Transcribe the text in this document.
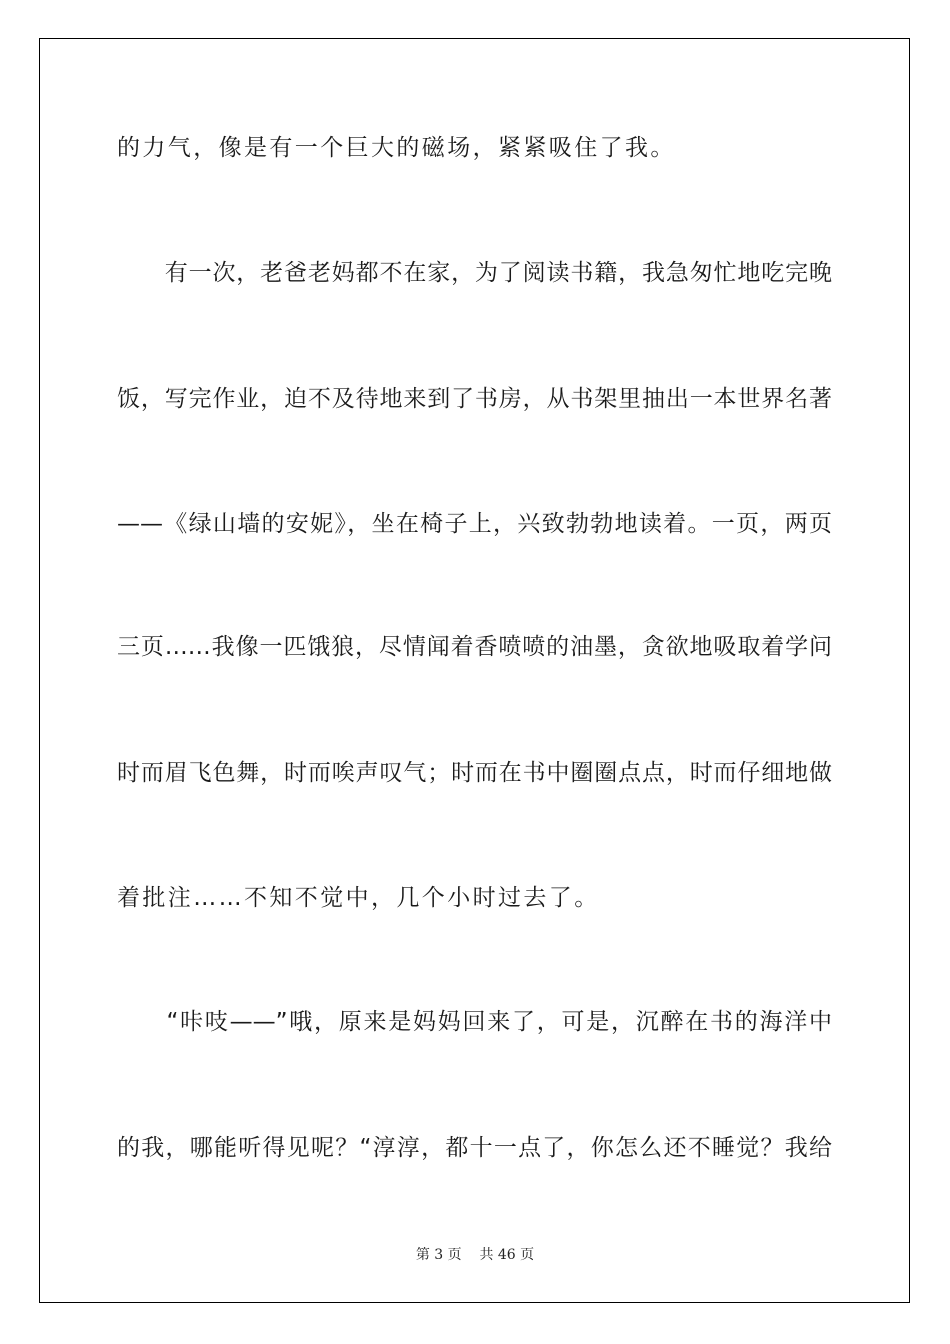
的力气，像是有一个巨大的磁场，紧紧吸住了我。
　　有一次，老爸老妈都不在家，为了阅读书籍，我急匆忙地吃完晚
饭，写完作业，迫不及待地来到了书房，从书架里抽出一本世界名著
——《绿山墙的安妮》，坐在椅子上，兴致勃勃地读着。一页，两页
三页……我像一匹饿狼，尽情闻着香喷喷的油墨，贪欲地吸取着学问
时而眉飞色舞，时而唉声叹气；时而在书中圈圈点点，时而仔细地做
着批注……不知不觉中，几个小时过去了。
　　“咔吱——”哦，原来是妈妈回来了，可是，沉醉在书的海洋中
的我，哪能听得见呢？“淳淳，都十一点了，你怎么还不睡觉？我给
第 3 页 共 46 页
